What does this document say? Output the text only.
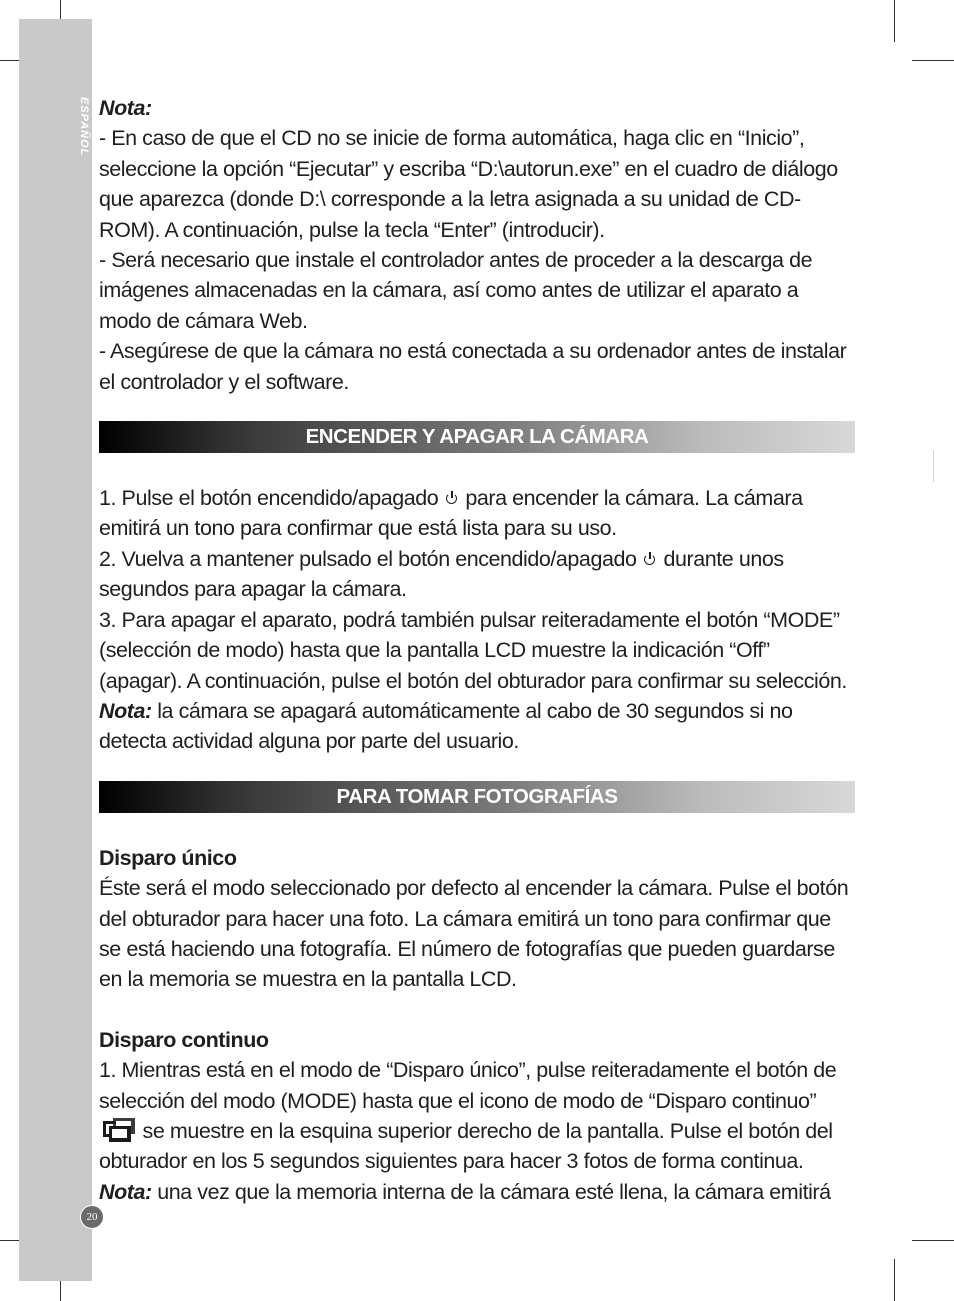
ESPAÑOL
20

Nota:

- En caso de que el CD no se inicie de forma automática, haga clic en “Inicio”, seleccione la opción “Ejecutar” y escriba “D:\autorun.exe” en el cuadro de diálogo que aparezca (donde D:\ corresponde a la letra asignada a su unidad de CD-ROM). A continuación, pulse la tecla “Enter” (introducir).

- Será necesario que instale el controlador antes de proceder a la descarga de imágenes almacenadas en la cámara, así como antes de utilizar el aparato a modo de cámara Web.

- Asegúrese de que la cámara no está conectada a su ordenador antes de instalar el controlador y el software.

ENCENDER Y APAGAR LA CÁMARA

1. Pulse el botón encendido/apagado para encender la cámara. La cámara emitirá un tono para confirmar que está lista para su uso.

2. Vuelva a mantener pulsado el botón encendido/apagado durante unos segundos para apagar la cámara.

3. Para apagar el aparato, podrá también pulsar reiteradamente el botón “MODE” (selección de modo) hasta que la pantalla LCD muestre la indicación “Off” (apagar). A continuación, pulse el botón del obturador para confirmar su selección.

Nota: la cámara se apagará automáticamente al cabo de 30 segundos si no detecta actividad alguna por parte del usuario.

PARA TOMAR FOTOGRAFÍAS

Disparo único

Éste será el modo seleccionado por defecto al encender la cámara. Pulse el botón del obturador para hacer una foto. La cámara emitirá un tono para confirmar que se está haciendo una fotografía. El número de fotografías que pueden guardarse en la memoria se muestra en la pantalla LCD.

Disparo continuo

1. Mientras está en el modo de “Disparo único”, pulse reiteradamente el botón de selección del modo (MODE) hasta que el icono de modo de “Disparo continuo”
se muestre en la esquina superior derecho de la pantalla. Pulse el botón del obturador en los 5 segundos siguientes para hacer 3 fotos de forma continua.

Nota: una vez que la memoria interna de la cámara esté llena, la cámara emitirá
